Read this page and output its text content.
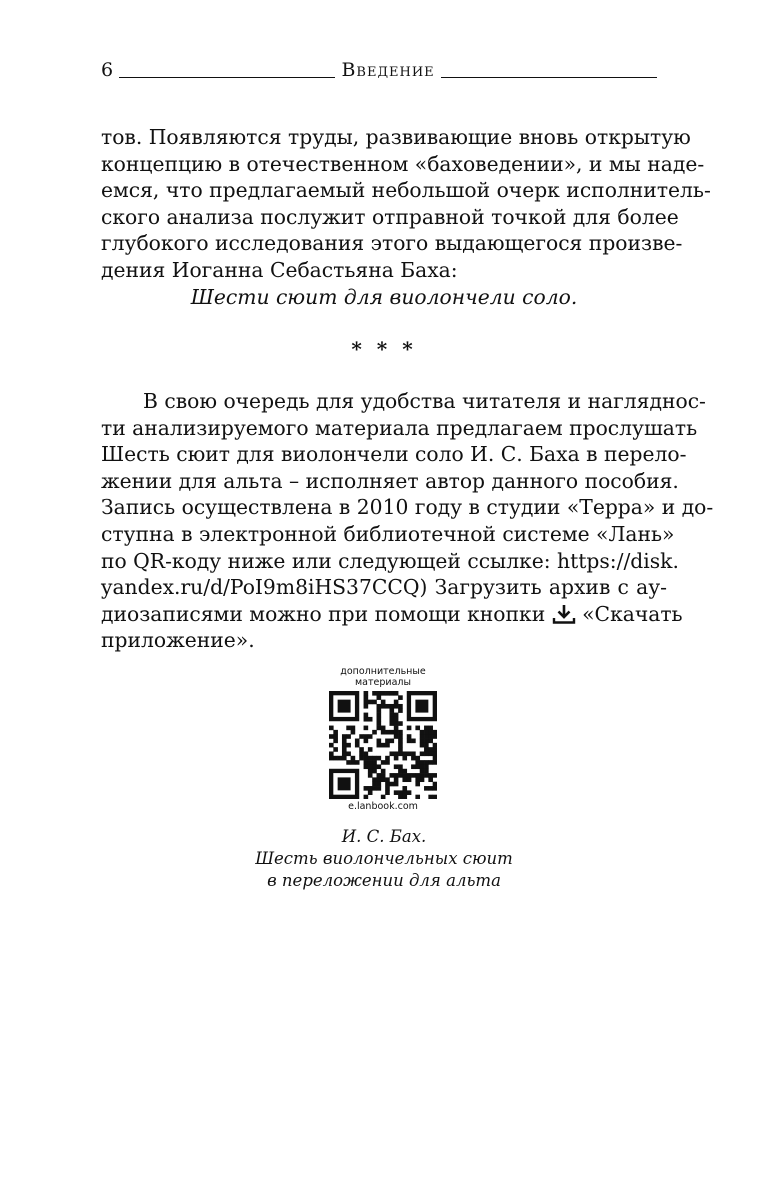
6	Введение
тов. Появляются труды, развивающие вновь открытую
концепцию в отечественном «баховедении», и мы наде-
емся, что предлагаемый небольшой очерк исполнитель-
ского анализа послужит отправной точкой для более
глубокого исследования этого выдающегося произве-
дения Иоганна Себастьяна Баха:
Шести сюит для виолончели соло.
* * *
В свою очередь для удобства читателя и нагляднос-
ти анализируемого материала предлагаем прослушать
Шесть сюит для виолончели соло И. С. Баха в перело-
жении для альта – исполняет автор данного пособия.
Запись осуществлена в 2010 году в студии «Терра» и до-
ступна в электронной библиотечной системе «Лань»
по QR-коду ниже или следующей ссылке: https://disk.
yandex.ru/d/PoI9m8iHS37CCQ) Загрузить архив с ау-
диозаписями можно при помощи кнопки «Скачать
приложение».
дополнительные
материалы
e.lanbook.com
И. С. Бах.
Шесть виолончельных сюит
в переложении для альта
